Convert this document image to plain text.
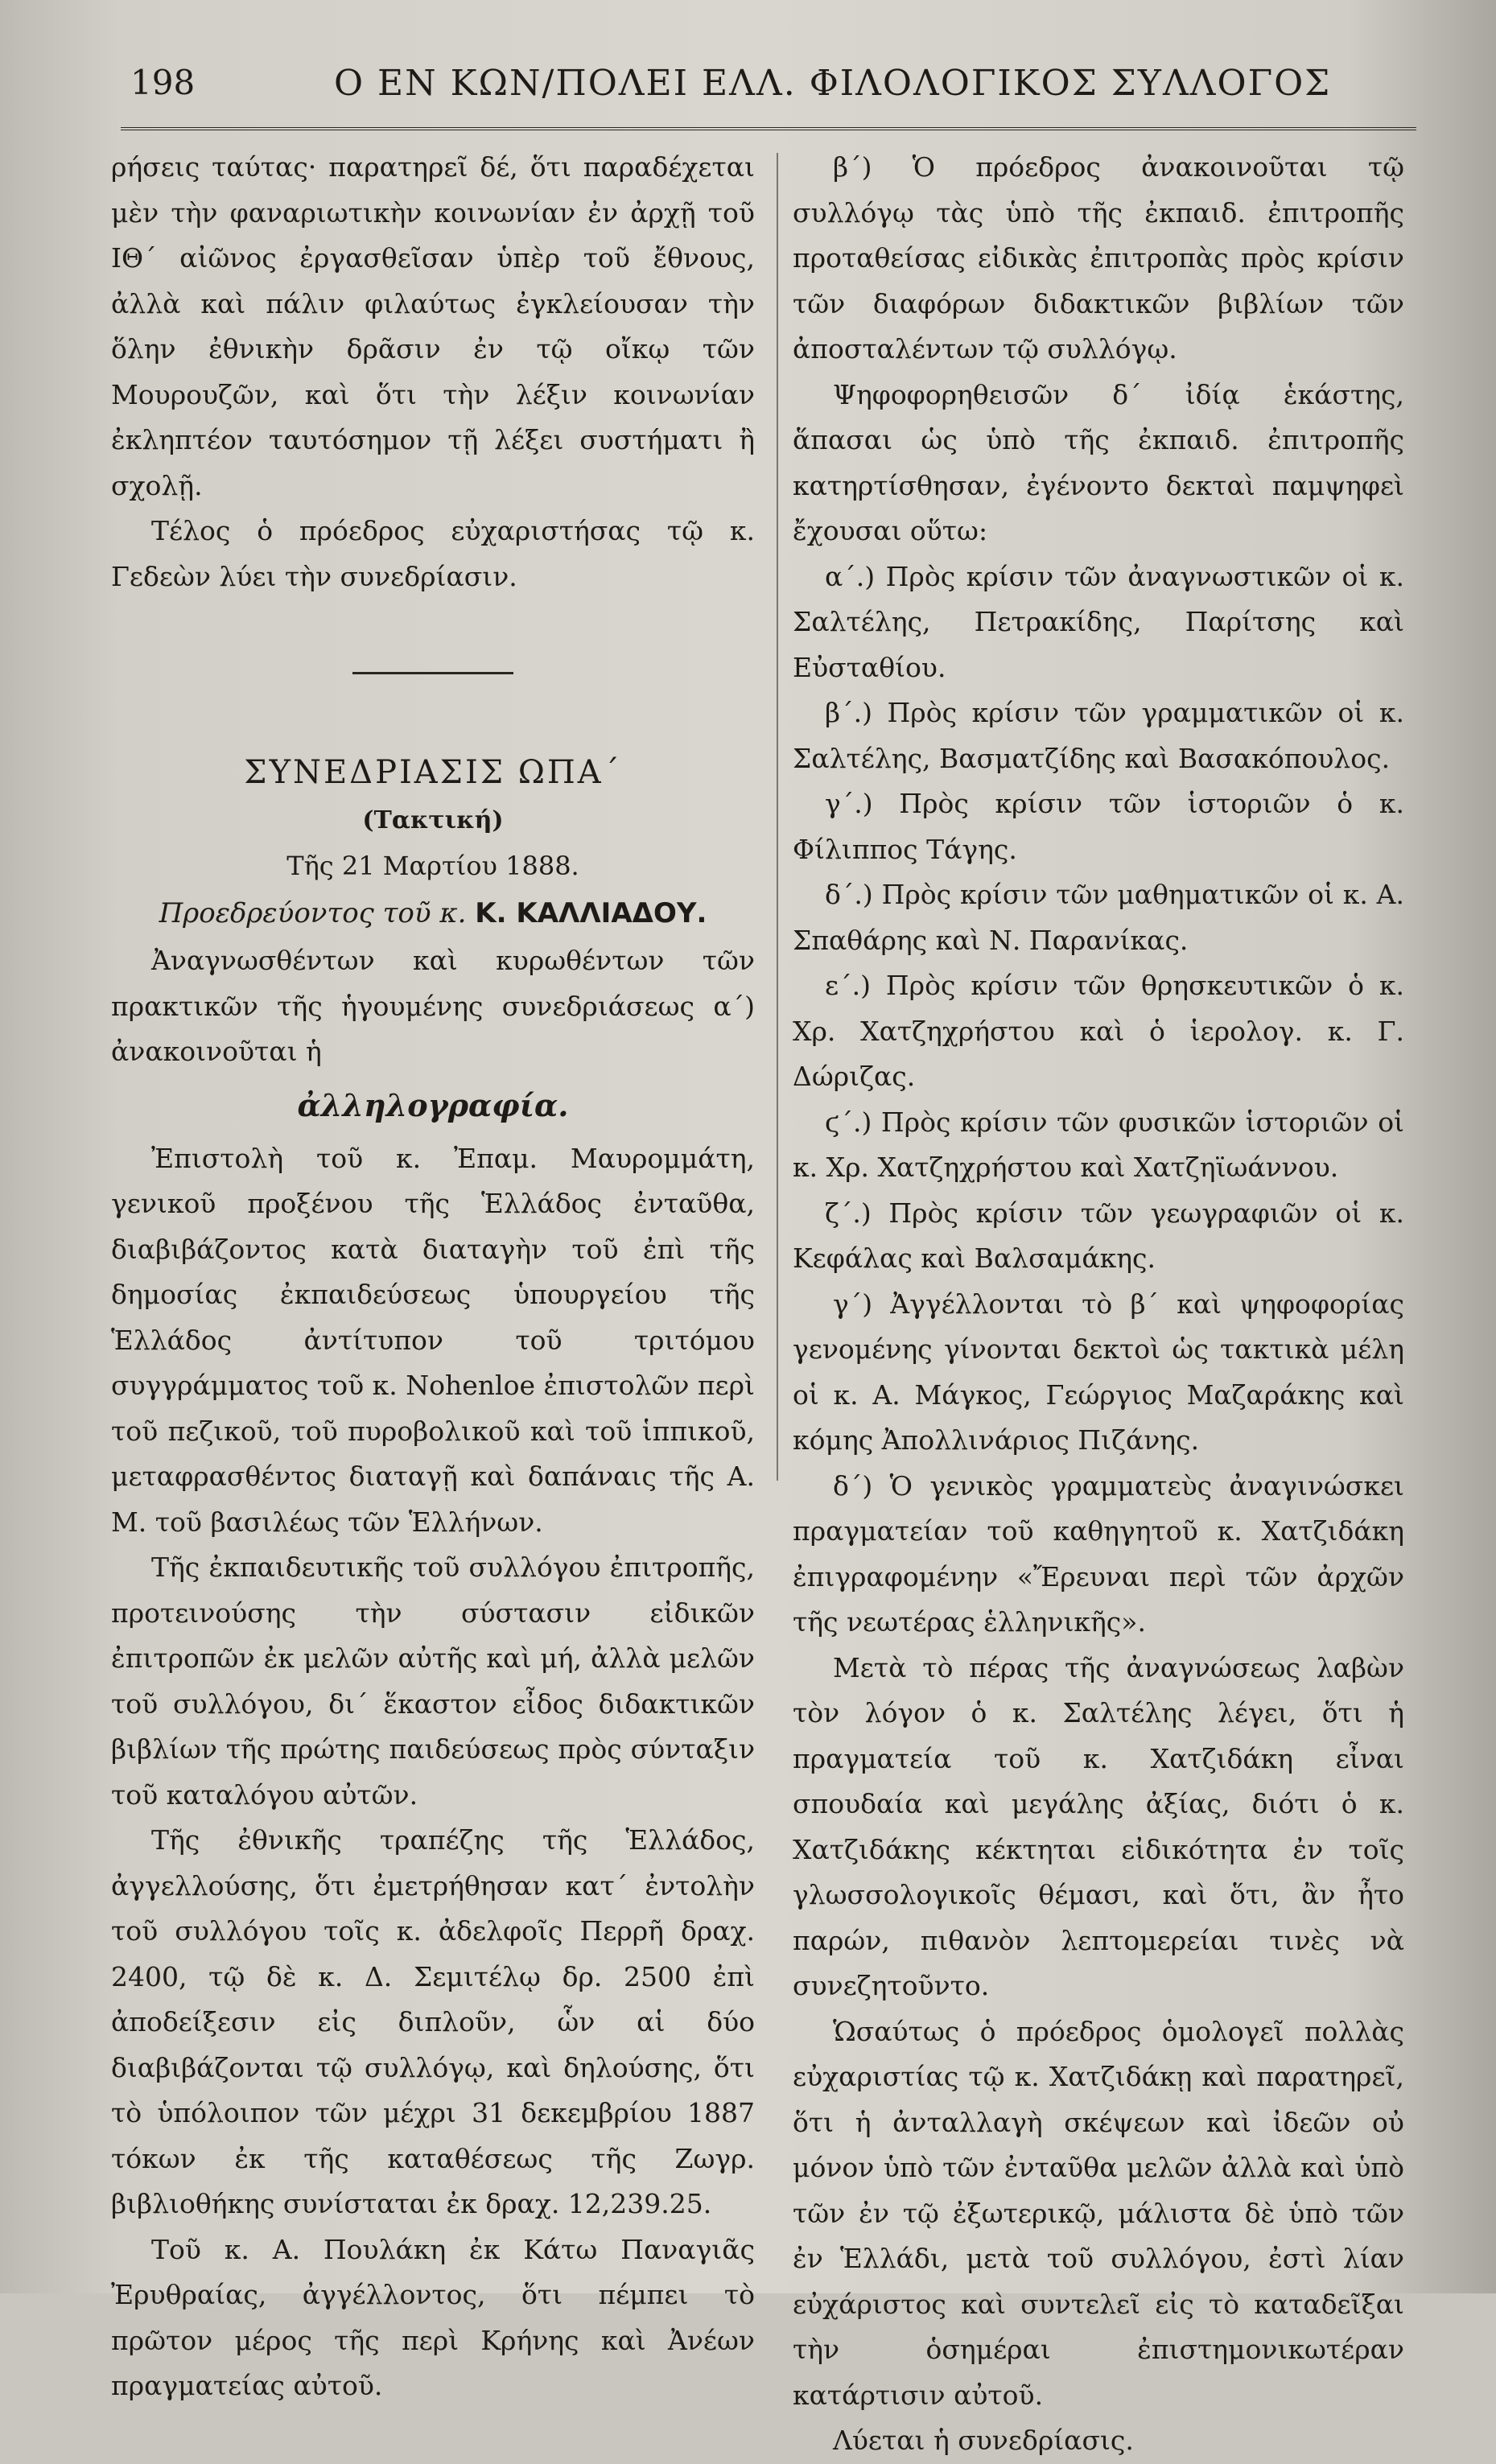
198	Ο ΕΝ ΚΩΝ/ΠΟΛΕΙ ΕΛΛ. ΦΙΛΟΛΟΓΙΚΟΣ ΣΥΛΛΟΓΟΣ

ρήσεις ταύτας· παρατηρεῖ δέ, ὅτι παραδέχεται μὲν τὴν φαναριωτικὴν κοινωνίαν ἐν ἀρχῇ τοῦ ΙΘ΄ αἰῶνος ἐργασθεῖσαν ὑπὲρ τοῦ ἔθνους, ἀλλὰ καὶ πάλιν φιλαύτως ἐγκλείουσαν τὴν ὅλην ἐθνικὴν δρᾶσιν ἐν τῷ οἴκῳ τῶν Μουρουζῶν, καὶ ὅτι τὴν λέξιν κοινωνίαν ἐκληπτέον ταυτόσημον τῇ λέξει συστήματι ἢ σχολῇ.

Τέλος ὁ πρόεδρος εὐχαριστήσας τῷ κ. Γεδεὼν λύει τὴν συνεδρίασιν.

ΣΥΝΕΔΡΙΑΣΙΣ ΩΠΑ΄
(Τακτική)
Τῆς 21 Μαρτίου 1888.
Προεδρεύοντος τοῦ κ. Κ. ΚΑΛΛΙΑΔΟΥ.

Ἀναγνωσθέντων καὶ κυρωθέντων τῶν πρακτικῶν τῆς ἡγουμένης συνεδριάσεως α΄) ἀνακοινοῦται ἡ

ἀλληλογραφία.

Ἐπιστολὴ τοῦ κ. Ἐπαμ. Μαυρομμάτη, γενικοῦ προξένου τῆς Ἑλλάδος ἐνταῦθα, διαβιβάζοντος κατὰ διαταγὴν τοῦ ἐπὶ τῆς δημοσίας ἐκπαιδεύσεως ὑπουργείου τῆς Ἑλλάδος ἀντίτυπον τοῦ τριτόμου συγγράμματος τοῦ κ. Nohenloe ἐπιστολῶν περὶ τοῦ πεζικοῦ, τοῦ πυροβολικοῦ καὶ τοῦ ἱππικοῦ, μεταφρασθέντος διαταγῇ καὶ δαπάναις τῆς Α. Μ. τοῦ βασιλέως τῶν Ἑλλήνων.

Τῆς ἐκπαιδευτικῆς τοῦ συλλόγου ἐπιτροπῆς, προτεινούσης τὴν σύστασιν εἰδικῶν ἐπιτροπῶν ἐκ μελῶν αὐτῆς καὶ μή, ἀλλὰ μελῶν τοῦ συλλόγου, δι΄ ἕκαστον εἶδος διδακτικῶν βιβλίων τῆς πρώτης παιδεύσεως πρὸς σύνταξιν τοῦ καταλόγου αὐτῶν.

Τῆς ἐθνικῆς τραπέζης τῆς Ἑλλάδος, ἀγγελλούσης, ὅτι ἐμετρήθησαν κατ΄ ἐντολὴν τοῦ συλλόγου τοῖς κ. ἀδελφοῖς Περρῆ δραχ. 2400, τῷ δὲ κ. Δ. Σεμιτέλῳ δρ. 2500 ἐπὶ ἀποδείξεσιν εἰς διπλοῦν, ὧν αἱ δύο διαβιβάζονται τῷ συλλόγῳ, καὶ δηλούσης, ὅτι τὸ ὑπόλοιπον τῶν μέχρι 31 δεκεμβρίου 1887 τόκων ἐκ τῆς καταθέσεως τῆς Ζωγρ. βιβλιοθήκης συνίσταται ἐκ δραχ. 12,239.25.

Τοῦ κ. Α. Πουλάκη ἐκ Κάτω Παναγιᾶς Ἐρυθραίας, ἀγγέλλοντος, ὅτι πέμπει τὸ πρῶτον μέρος τῆς περὶ Κρήνης καὶ Ἀνέων πραγματείας αὐτοῦ.

β΄) Ὁ πρόεδρος ἀνακοινοῦται τῷ συλλόγῳ τὰς ὑπὸ τῆς ἐκπαιδ. ἐπιτροπῆς προταθείσας εἰδικὰς ἐπιτροπὰς πρὸς κρίσιν τῶν διαφόρων διδακτικῶν βιβλίων τῶν ἀποσταλέντων τῷ συλλόγῳ.

Ψηφοφορηθεισῶν δ΄ ἰδίᾳ ἑκάστης, ἅπασαι ὡς ὑπὸ τῆς ἐκπαιδ. ἐπιτροπῆς κατηρτίσθησαν, ἐγένοντο δεκταὶ παμψηφεὶ ἔχουσαι οὕτω:

α΄.) Πρὸς κρίσιν τῶν ἀναγνωστικῶν οἱ κ. Σαλτέλης, Πετρακίδης, Παρίτσης καὶ Εὐσταθίου.

β΄.) Πρὸς κρίσιν τῶν γραμματικῶν οἱ κ. Σαλτέλης, Βασματζίδης καὶ Βασακόπουλος.

γ΄.) Πρὸς κρίσιν τῶν ἱστοριῶν ὁ κ. Φίλιππος Τάγης.

δ΄.) Πρὸς κρίσιν τῶν μαθηματικῶν οἱ κ. Α. Σπαθάρης καὶ Ν. Παρανίκας.

ε΄.) Πρὸς κρίσιν τῶν θρησκευτικῶν ὁ κ. Χρ. Χατζηχρήστου καὶ ὁ ἱερολογ. κ. Γ. Δώριζας.

ϛ΄.) Πρὸς κρίσιν τῶν φυσικῶν ἱστοριῶν οἱ κ. Χρ. Χατζηχρήστου καὶ Χατζηϊωάννου.

ζ΄.) Πρὸς κρίσιν τῶν γεωγραφιῶν οἱ κ. Κεφάλας καὶ Βαλσαμάκης.

γ΄) Ἀγγέλλονται τὸ β΄ καὶ ψηφοφορίας γενομένης γίνονται δεκτοὶ ὡς τακτικὰ μέλη οἱ κ. Α. Μάγκος, Γεώργιος Μαζαράκης καὶ κόμης Ἀπολλινάριος Πιζάνης.

δ΄) Ὁ γενικὸς γραμματεὺς ἀναγινώσκει πραγματείαν τοῦ καθηγητοῦ κ. Χατζιδάκη ἐπιγραφομένην «Ἔρευναι περὶ τῶν ἀρχῶν τῆς νεωτέρας ἑλληνικῆς».

Μετὰ τὸ πέρας τῆς ἀναγνώσεως λαβὼν τὸν λόγον ὁ κ. Σαλτέλης λέγει, ὅτι ἡ πραγματεία τοῦ κ. Χατζιδάκη εἶναι σπουδαία καὶ μεγάλης ἀξίας, διότι ὁ κ. Χατζιδάκης κέκτηται εἰδικότητα ἐν τοῖς γλωσσολογικοῖς θέμασι, καὶ ὅτι, ἂν ἦτο παρών, πιθανὸν λεπτομερείαι τινὲς νὰ συνεζητοῦντο.

Ὡσαύτως ὁ πρόεδρος ὁμολογεῖ πολλὰς εὐχαριστίας τῷ κ. Χατζιδάκῃ καὶ παρατηρεῖ, ὅτι ἡ ἀνταλλαγὴ σκέψεων καὶ ἰδεῶν οὐ μόνον ὑπὸ τῶν ἐνταῦθα μελῶν ἀλλὰ καὶ ὑπὸ τῶν ἐν τῷ ἐξωτερικῷ, μάλιστα δὲ ὑπὸ τῶν ἐν Ἑλλάδι, μετὰ τοῦ συλλόγου, ἐστὶ λίαν εὐχάριστος καὶ συντελεῖ εἰς τὸ καταδεῖξαι τὴν ὁσημέραι ἐπιστημονικωτέραν κατάρτισιν αὐτοῦ.

Λύεται ἡ συνεδρίασις.
